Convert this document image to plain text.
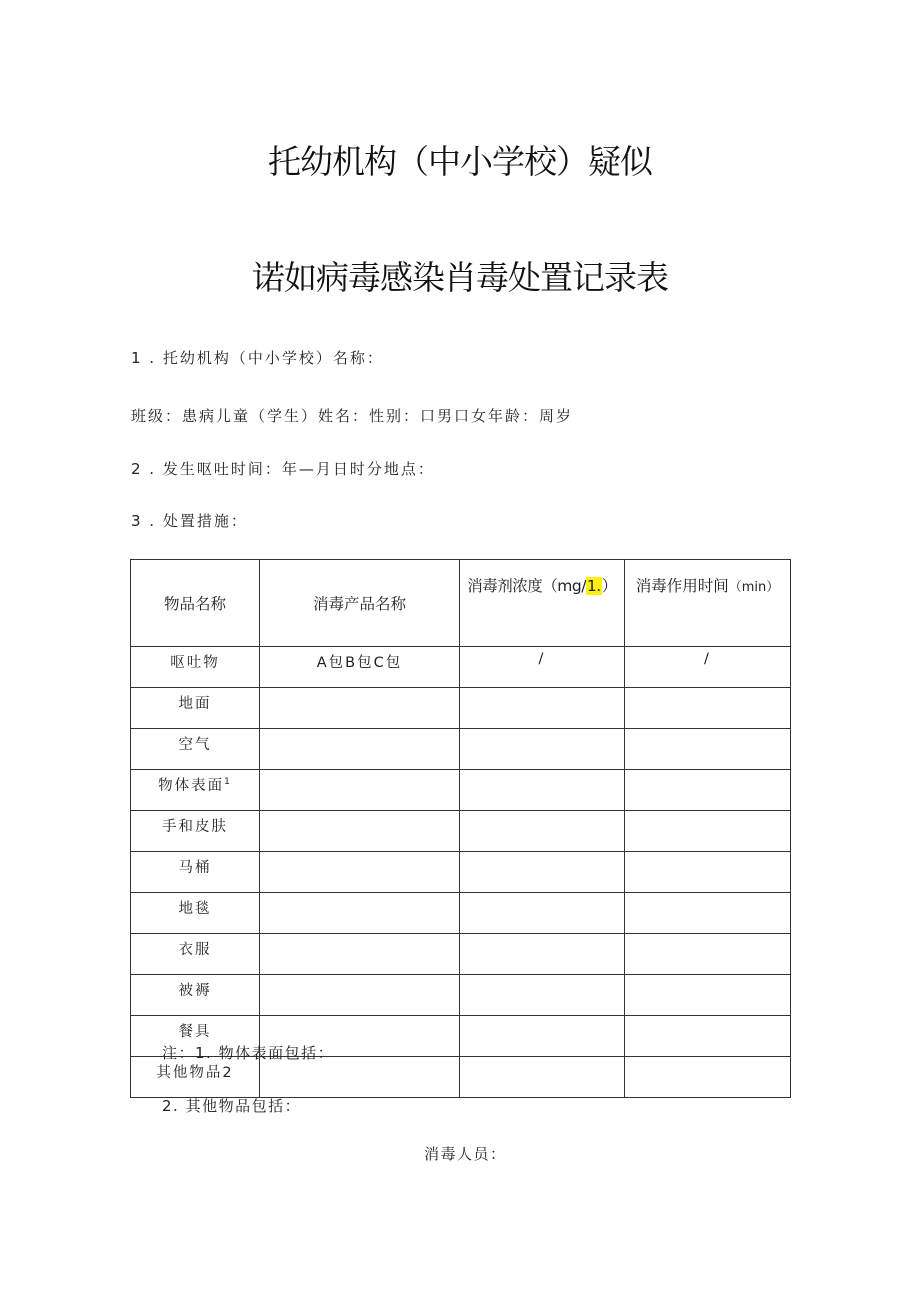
托幼机构（中小学校）疑似
诺如病毒感染肖毒处置记录表
1 . 托幼机构（中小学校）名称：
班级：患病儿童（学生）姓名：性别：口男口女年龄：周岁
2 . 发生呕吐时间：年—月日时分地点：
3 . 处置措施：
物品名称	消毒产品名称	消毒剂浓度（mg/1.）	消毒作用时间（min）
呕吐物	A包B包C包	/	/
地面			
空气			
物体表面$^1$			
手和皮肤			
马桶			
地毯			
衣服			
被褥			
餐具			
其他物品2			
注：1. 物体表面包括：
2. 其他物品包括：
消毒人员：
